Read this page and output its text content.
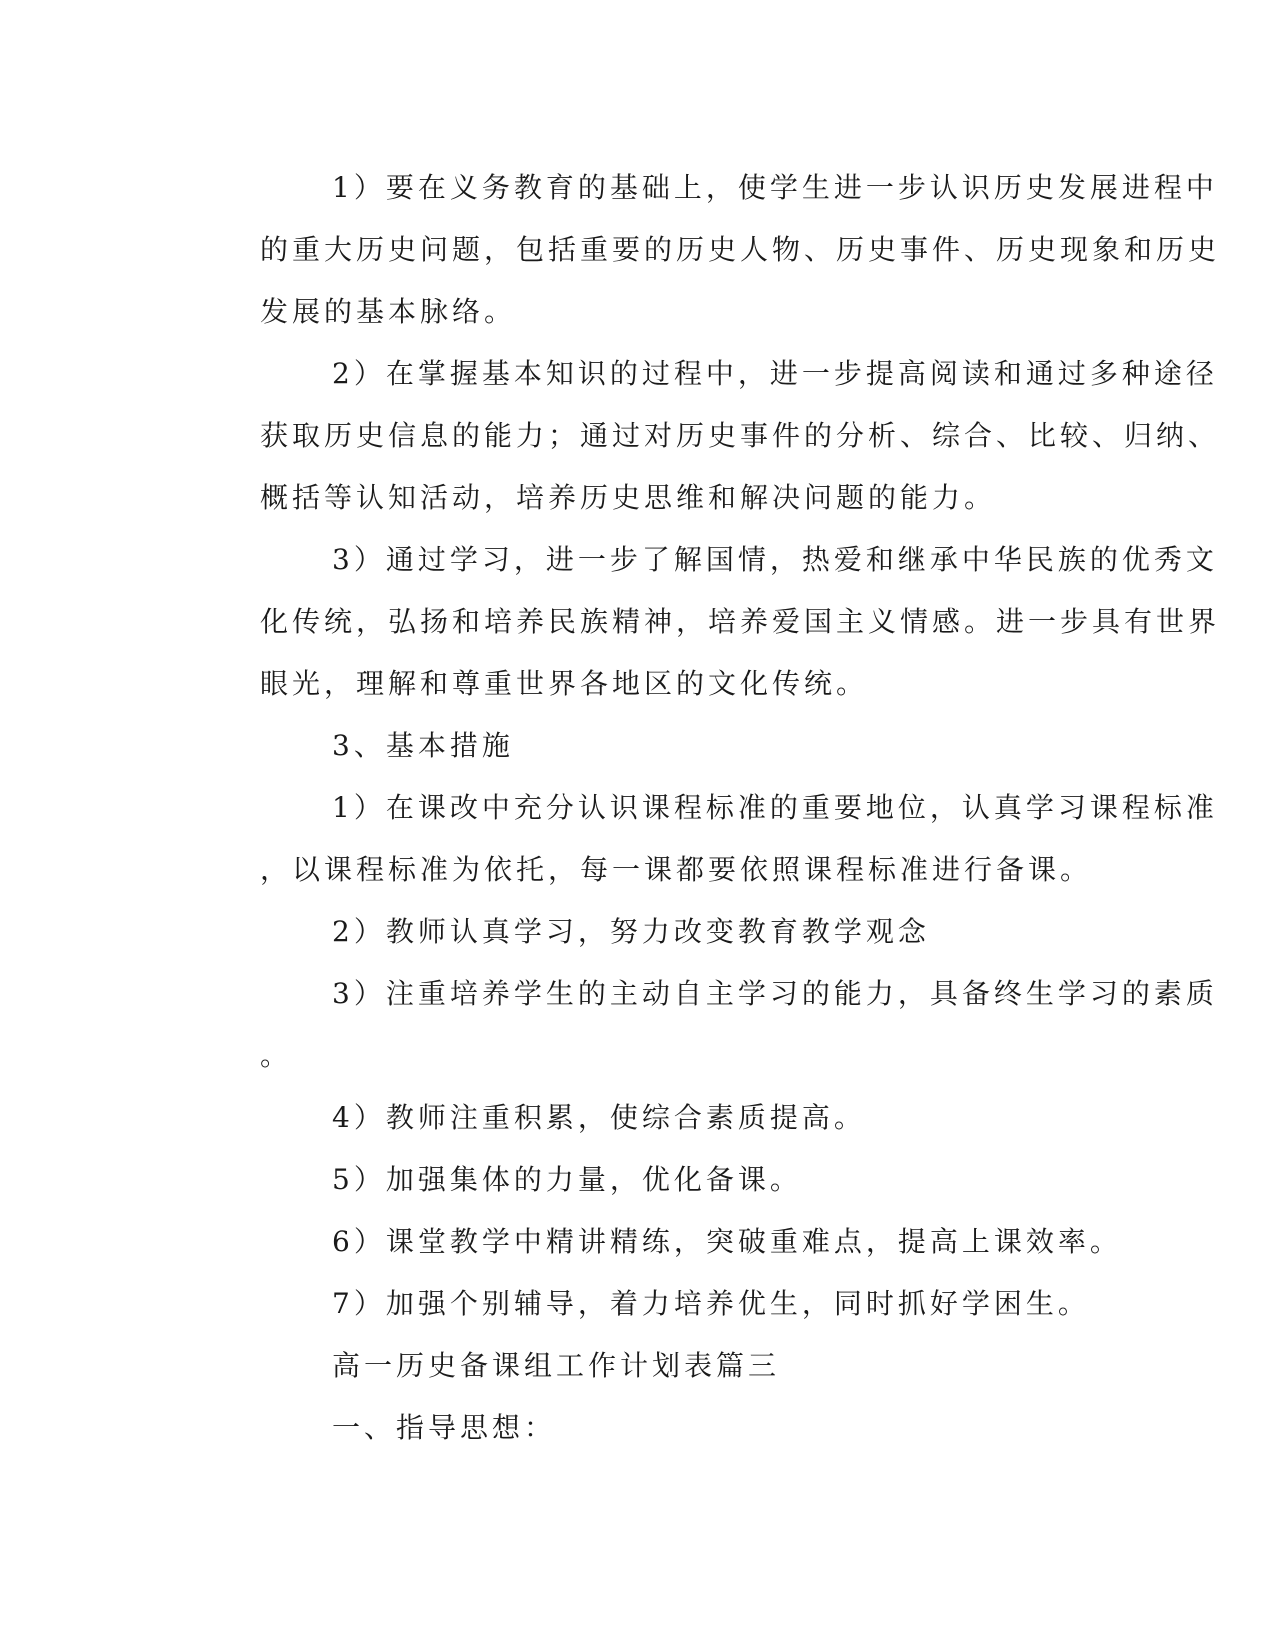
1）要在义务教育的基础上，使学生进一步认识历史发展进程中
的重大历史问题，包括重要的历史人物、历史事件、历史现象和历史
发展的基本脉络。
2）在掌握基本知识的过程中，进一步提高阅读和通过多种途径
获取历史信息的能力；通过对历史事件的分析、综合、比较、归纳、
概括等认知活动，培养历史思维和解决问题的能力。
3）通过学习，进一步了解国情，热爱和继承中华民族的优秀文
化传统，弘扬和培养民族精神，培养爱国主义情感。进一步具有世界
眼光，理解和尊重世界各地区的文化传统。
3、基本措施
1）在课改中充分认识课程标准的重要地位，认真学习课程标准
，以课程标准为依托，每一课都要依照课程标准进行备课。
2）教师认真学习，努力改变教育教学观念
3）注重培养学生的主动自主学习的能力，具备终生学习的素质
。
4）教师注重积累，使综合素质提高。
5）加强集体的力量，优化备课。
6）课堂教学中精讲精练，突破重难点，提高上课效率。
7）加强个别辅导，着力培养优生，同时抓好学困生。
高一历史备课组工作计划表篇三
一、指导思想：
